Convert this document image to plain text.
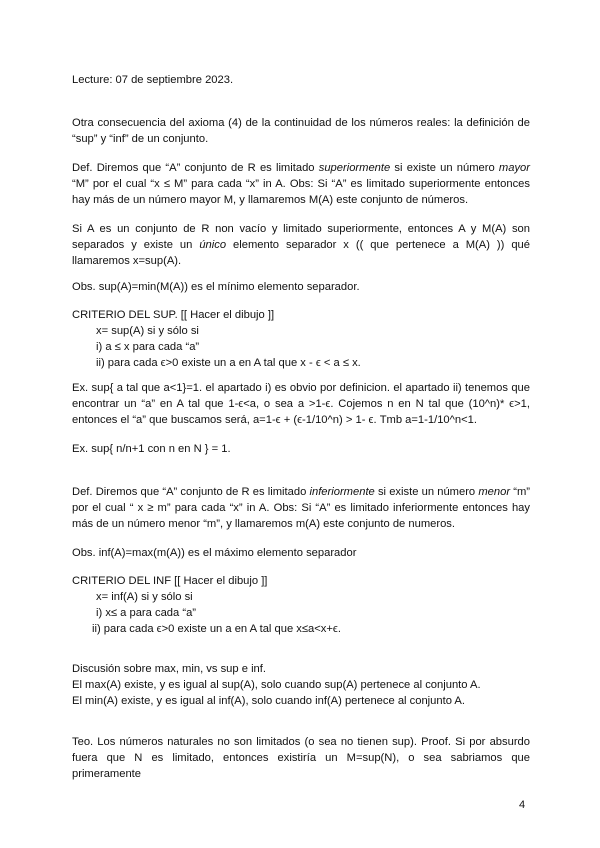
Lecture: 07 de septiembre 2023.

Otra consecuencia del axioma (4) de la continuidad de los números reales: la definición de “sup” y “inf” de un conjunto.

Def. Diremos que “A” conjunto de R es limitado superiormente si existe un número mayor “M” por el cual “x ≤ M” para cada “x” in A. Obs: Si “A” es limitado superiormente entonces hay más de un número mayor M, y llamaremos M(A) este conjunto de números.

Si A es un conjunto de R non vacío y limitado superiormente, entonces A y M(A) son separados y existe un único elemento separador x (( que pertenece a M(A) )) qué llamaremos x=sup(A).

Obs. sup(A)=min(M(A)) es el mínimo elemento separador.

CRITERIO DEL SUP. [[ Hacer el dibujo ]]
x= sup(A) si y sólo si
i) a ≤ x para cada “a”
ii) para cada ϵ>0 existe un a en A tal que x - ϵ < a ≤ x.

Ex. sup{ a tal que a<1}=1. el apartado i) es obvio por definicion. el apartado ii) tenemos que encontrar un “a” en A tal que 1-ϵ<a, o sea a >1-ϵ. Cojemos n en N tal que (10^n)* ϵ>1, entonces el “a” que buscamos será, a=1-ϵ + (ϵ-1/10^n) > 1- ϵ. Tmb a=1-1/10^n<1.

Ex. sup{ n/n+1 con n en N } = 1.

Def. Diremos que “A” conjunto de R es limitado inferiormente si existe un número menor “m” por el cual “ x ≥ m” para cada “x” in A. Obs: Si “A” es limitado inferiormente entonces hay más de un número menor “m”, y llamaremos m(A) este conjunto de numeros.

Obs. inf(A)=max(m(A)) es el máximo elemento separador

CRITERIO DEL INF [[ Hacer el dibujo ]]
x= inf(A) si y sólo si
i) x≤ a para cada “a”
ii) para cada ϵ>0 existe un a en A tal que x≤a<x+ϵ.
Discusión sobre max, min, vs sup e inf.
El max(A) existe, y es igual al sup(A), solo cuando sup(A) pertenece al conjunto A.
El min(A) existe, y es igual al inf(A), solo cuando inf(A) pertenece al conjunto A.

Teo. Los números naturales no son limitados (o sea no tienen sup). Proof. Si por absurdo fuera que N es limitado, entonces existiría un M=sup(N), o sea sabriamos que primeramente

4
